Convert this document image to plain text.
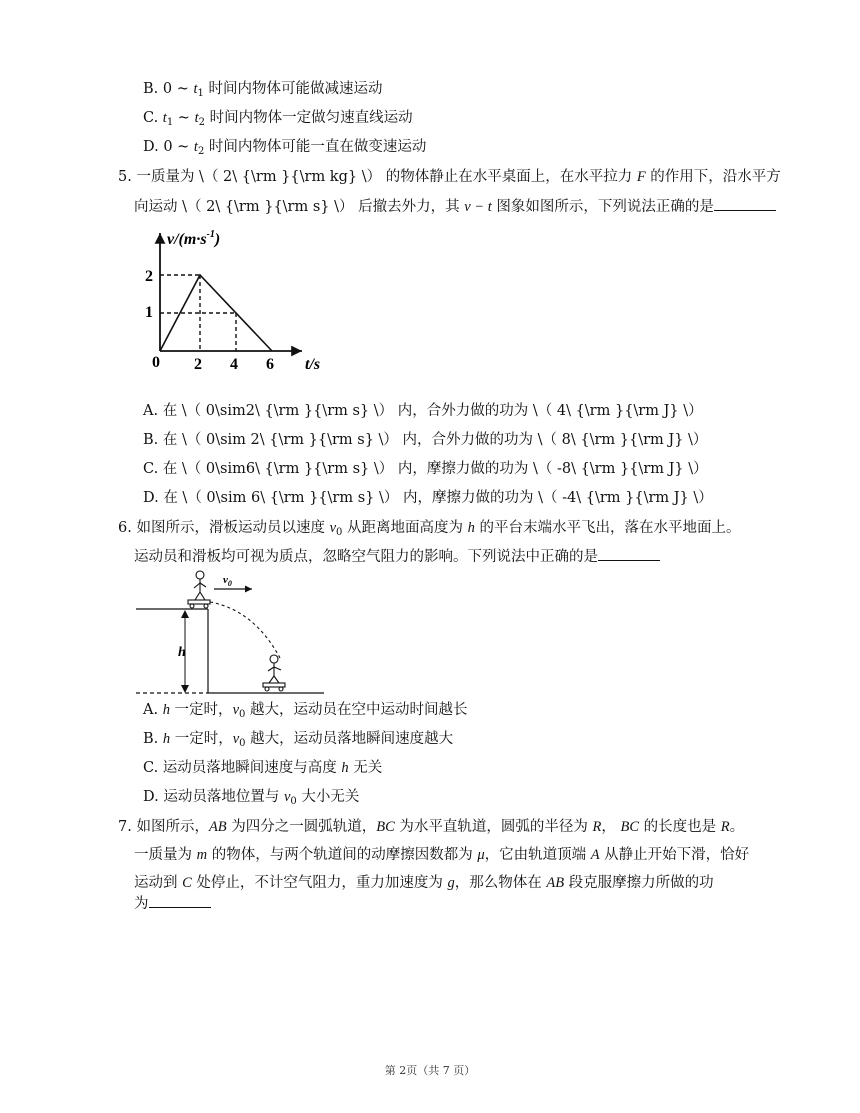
B. 0 ~ $t_1$ 时间内物体可能做减速运动
C. $t_1$ ~ $t_2$ 时间内物体一定做匀速直线运动
D. 0 ~ $t_2$ 时间内物体可能一直在做变速运动
5. 一质量为 \（ 2\ {\rm }{\rm kg} \） 的物体静止在水平桌面上，在水平拉力 F 的作用下，沿水平方
向运动 \（ 2\ {\rm }{\rm s} \） 后撤去外力，其 v − t 图象如图所示，下列说法正确的是
$v/(m\cdot s^{-1})$
t/s
2
1
0 2 4 6
A. 在 \（ 0\sim2\ {\rm }{\rm s} \） 内，合外力做的功为 \（ 4\ {\rm }{\rm J} \）
B. 在 \（ 0\sim 2\ {\rm }{\rm s} \） 内，合外力做的功为 \（ 8\ {\rm }{\rm J} \）
C. 在 \（ 0\sim6\ {\rm }{\rm s} \） 内，摩擦力做的功为 \（ -8\ {\rm }{\rm J} \）
D. 在 \（ 0\sim 6\ {\rm }{\rm s} \） 内，摩擦力做的功为 \（ -4\ {\rm }{\rm J} \）
6. 如图所示，滑板运动员以速度 $v_0$ 从距离地面高度为 h 的平台末端水平飞出，落在水平地面上。
运动员和滑板均可视为质点，忽略空气阻力的影响。下列说法中正确的是
h
$v_0$
A. h 一定时，$v_0$ 越大，运动员在空中运动时间越长
B. h 一定时，$v_0$ 越大，运动员落地瞬间速度越大
C. 运动员落地瞬间速度与高度 h 无关
D. 运动员落地位置与 $v_0$ 大小无关
7. 如图所示，AB 为四分之一圆弧轨道，BC 为水平直轨道，圆弧的半径为 R， BC 的长度也是 R。
一质量为 m 的物体，与两个轨道间的动摩擦因数都为 μ，它由轨道顶端 A 从静止开始下滑，恰好
运动到 C 处停止，不计空气阻力，重力加速度为 g，那么物体在 AB 段克服摩擦力所做的功
为
第 2页（共 7 页）
